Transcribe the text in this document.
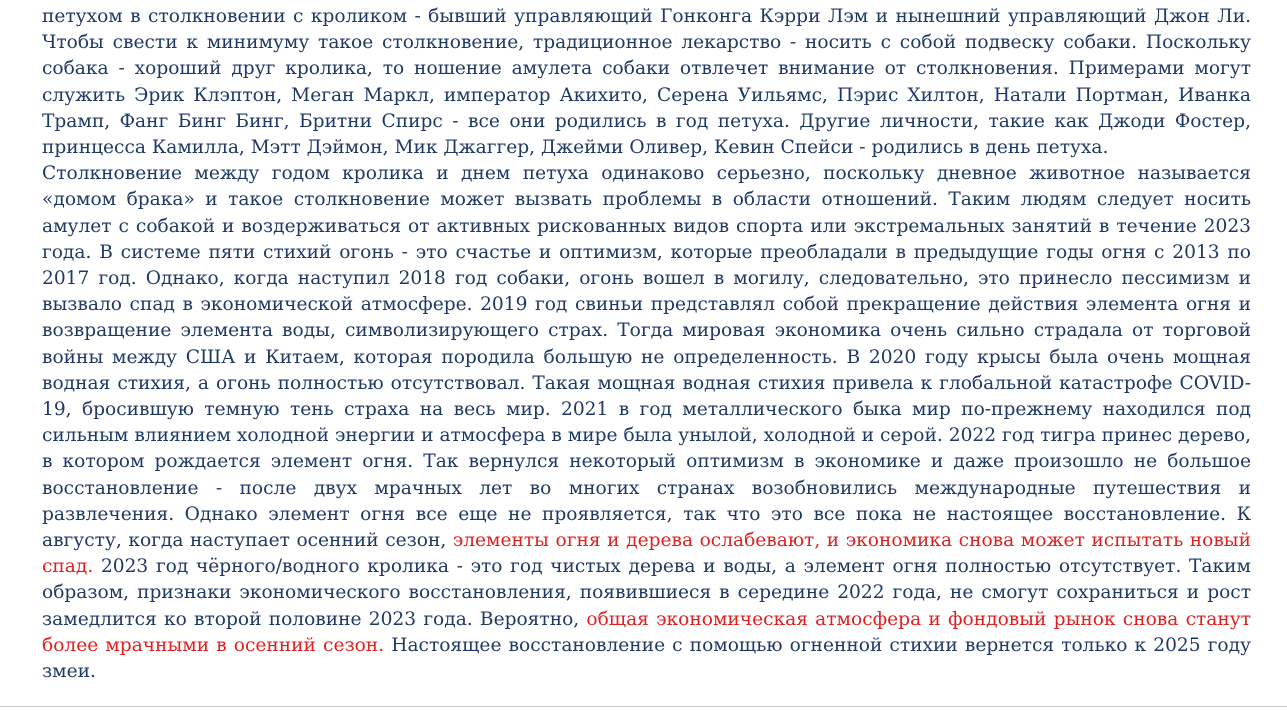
петухом в столкновении с кроликом - бывший управляющий Гонконга Кэрри Лэм и нынешний управляющий Джон Ли. Чтобы свести к минимуму такое столкновение, традиционное лекарство - носить с собой подвеску собаки. Поскольку собака - хороший друг кролика, то ношение амулета собаки отвлечет внимание от столкновения. Примерами могут служить Эрик Клэптон, Меган Маркл, император Акихито, Серена Уильямс, Пэрис Хилтон, Натали Портман, Иванка Трамп, Фанг Бинг Бинг, Бритни Спирс - все они родились в год петуха. Другие личности, такие как Джоди Фостер, принцесса Камилла, Мэтт Дэймон, Мик Джаггер, Джейми Оливер, Кевин Спейси - родились в день петуха.

Столкновение между годом кролика и днем петуха одинаково серьезно, поскольку дневное животное называется «домом брака» и такое столкновение может вызвать проблемы в области отношений. Таким людям следует носить амулет с собакой и воздерживаться от активных рискованных видов спорта или экстремальных занятий в течение 2023 года. В системе пяти стихий огонь - это счастье и оптимизм, которые преобладали в предыдущие годы огня с 2013 по 2017 год. Однако, когда наступил 2018 год собаки, огонь вошел в могилу, следовательно, это принесло пессимизм и вызвало спад в экономической атмосфере. 2019 год свиньи представлял собой прекращение действия элемента огня и возвращение элемента воды, символизирующего страх. Тогда мировая экономика очень сильно страдала от торговой войны между США и Китаем, которая породила большую не определенность. В 2020 году крысы была очень мощная водная стихия, а огонь полностью отсутствовал. Такая мощная водная стихия привела к глобальной катастрофе COVID-19, бросившую темную тень страха на весь мир. 2021 в год металлического быка мир по-прежнему находился под сильным влиянием холодной энергии и атмосфера в мире была унылой, холодной и серой. 2022 год тигра принес дерево, в котором рождается элемент огня. Так вернулся некоторый оптимизм в экономике и даже произошло не большое восстановление - после двух мрачных лет во многих странах возобновились международные путешествия и развлечения. Однако элемент огня все еще не проявляется, так что это все пока не настоящее восстановление. К августу, когда наступает осенний сезон, элементы огня и дерева ослабевают, и экономика снова может испытать новый спад. 2023 год чёрного/водного кролика - это год чистых дерева и воды, а элемент огня полностью отсутствует. Таким образом, признаки экономического восстановления, появившиеся в середине 2022 года, не смогут сохраниться и рост замедлится ко второй половине 2023 года. Вероятно, общая экономическая атмосфера и фондовый рынок снова станут более мрачными в осенний сезон. Настоящее восстановление с помощью огненной стихии вернется только к 2025 году змеи.
